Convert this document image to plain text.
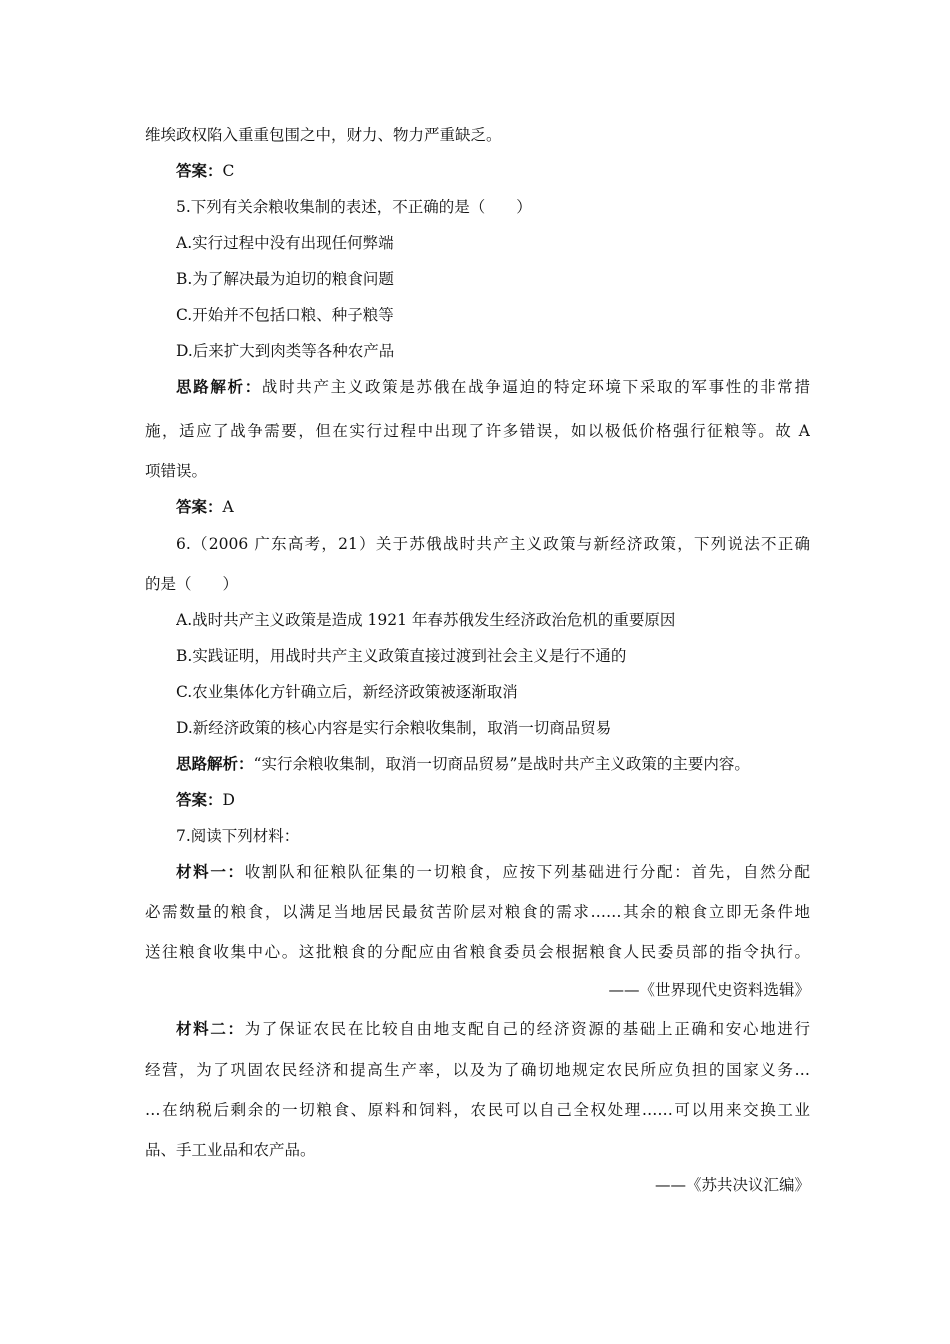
维埃政权陷入重重包围之中，财力、物力严重缺乏。
答案：C
5.下列有关余粮收集制的表述，不正确的是（　　）
A.实行过程中没有出现任何弊端
B.为了解决最为迫切的粮食问题
C.开始并不包括口粮、种子粮等
D.后来扩大到肉类等各种农产品
思路解析：战时共产主义政策是苏俄在战争逼迫的特定环境下采取的军事性的非常措
施，适应了战争需要，但在实行过程中出现了许多错误，如以极低价格强行征粮等。故 A
项错误。
答案：A
6.（2006 广东高考，21）关于苏俄战时共产主义政策与新经济政策，下列说法不正确
的是（　　）
A.战时共产主义政策是造成 1921 年春苏俄发生经济政治危机的重要原因
B.实践证明，用战时共产主义政策直接过渡到社会主义是行不通的
C.农业集体化方针确立后，新经济政策被逐渐取消
D.新经济政策的核心内容是实行余粮收集制，取消一切商品贸易
思路解析：“实行余粮收集制，取消一切商品贸易”是战时共产主义政策的主要内容。
答案：D
7.阅读下列材料：
材料一：收割队和征粮队征集的一切粮食，应按下列基础进行分配：首先，自然分配
必需数量的粮食，以满足当地居民最贫苦阶层对粮食的需求……其余的粮食立即无条件地
送往粮食收集中心。这批粮食的分配应由省粮食委员会根据粮食人民委员部的指令执行。
——《世界现代史资料选辑》
材料二：为了保证农民在比较自由地支配自己的经济资源的基础上正确和安心地进行
经营，为了巩固农民经济和提高生产率，以及为了确切地规定农民所应负担的国家义务…
…在纳税后剩余的一切粮食、原料和饲料，农民可以自己全权处理……可以用来交换工业
品、手工业品和农产品。
——《苏共决议汇编》
